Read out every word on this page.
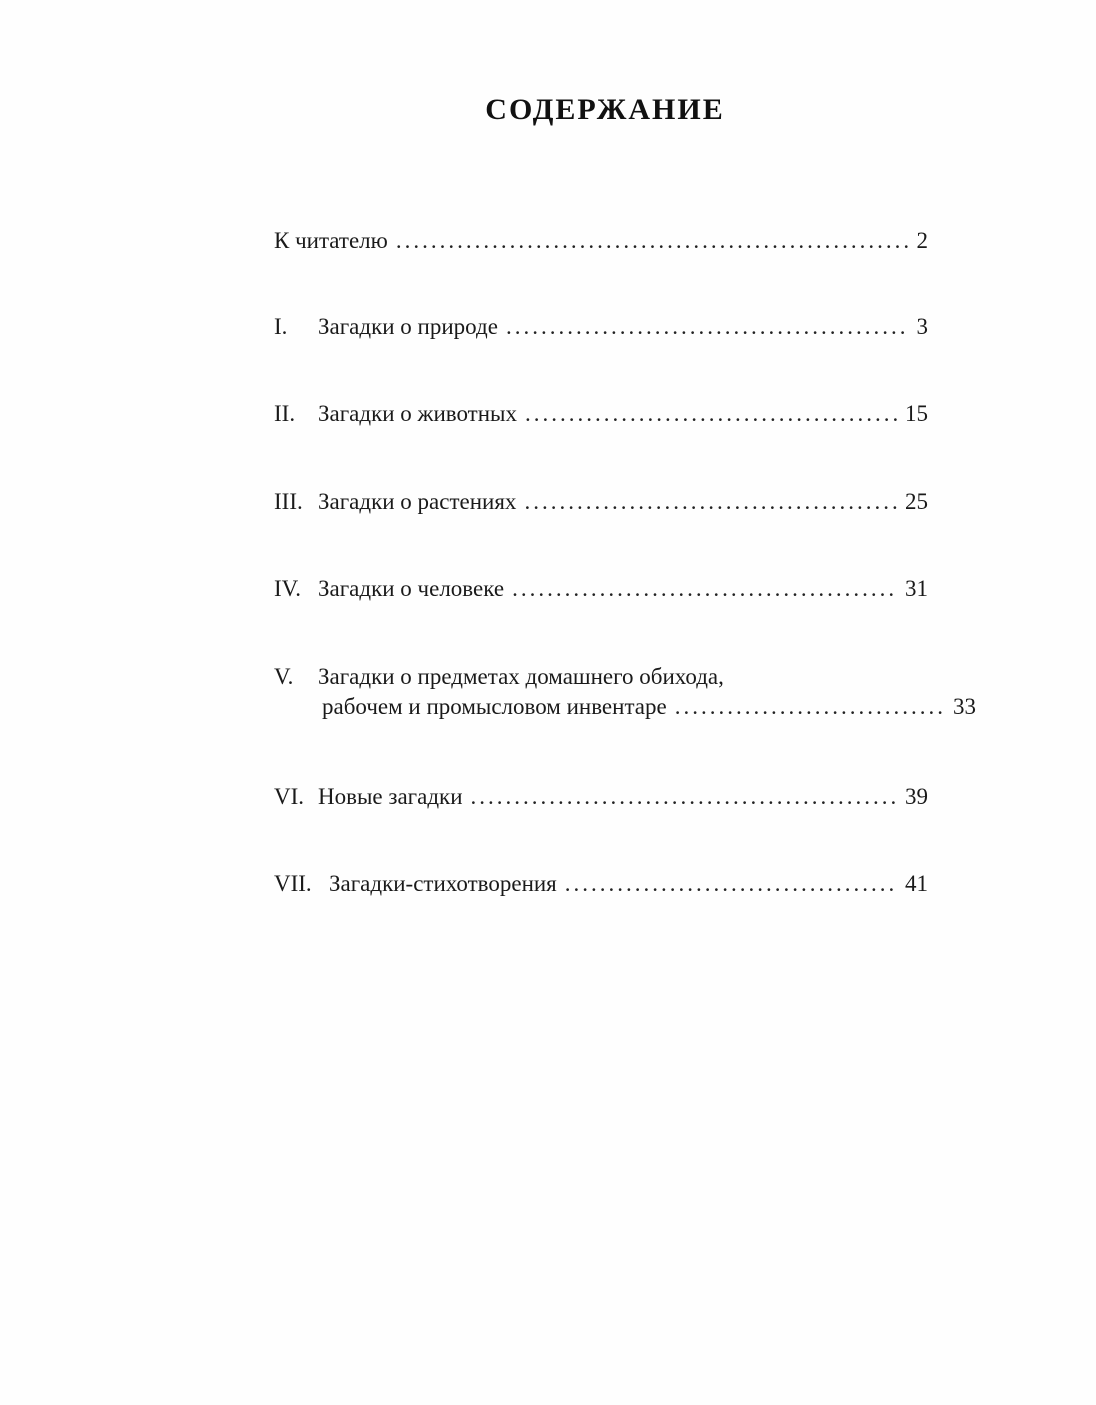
СОДЕРЖАНИЕ
К читателю .....	2
I.	Загадки о природе .....	3
II. Загадки о животных .....	15
III. Загадки о растениях .....	25
IV. Загадки о человеке .....	31
V.	Загадки о предметах домашнего обихода,
рабочем и промысловом инвентаре .....	33
VI. Новые загадки .....	39
VII. Загадки-стихотворения .....	41
